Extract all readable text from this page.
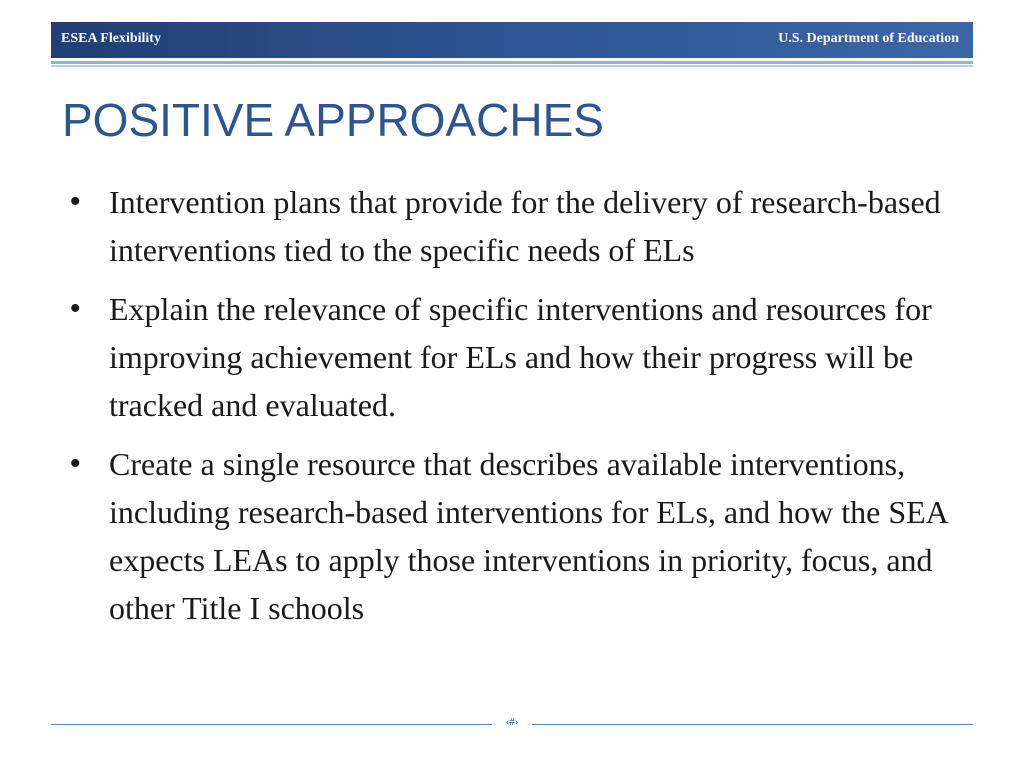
ESEA Flexibility	U.S. Department of Education
POSITIVE APPROACHES
• Intervention plans that provide for the delivery of research-based interventions tied to the specific needs of ELs
• Explain the relevance of specific interventions and resources for improving achievement for ELs and how their progress will be tracked and evaluated.
• Create a single resource that describes available interventions, including research-based interventions for ELs, and how the SEA expects LEAs to apply those interventions in priority, focus, and other Title I schools
‹#›
